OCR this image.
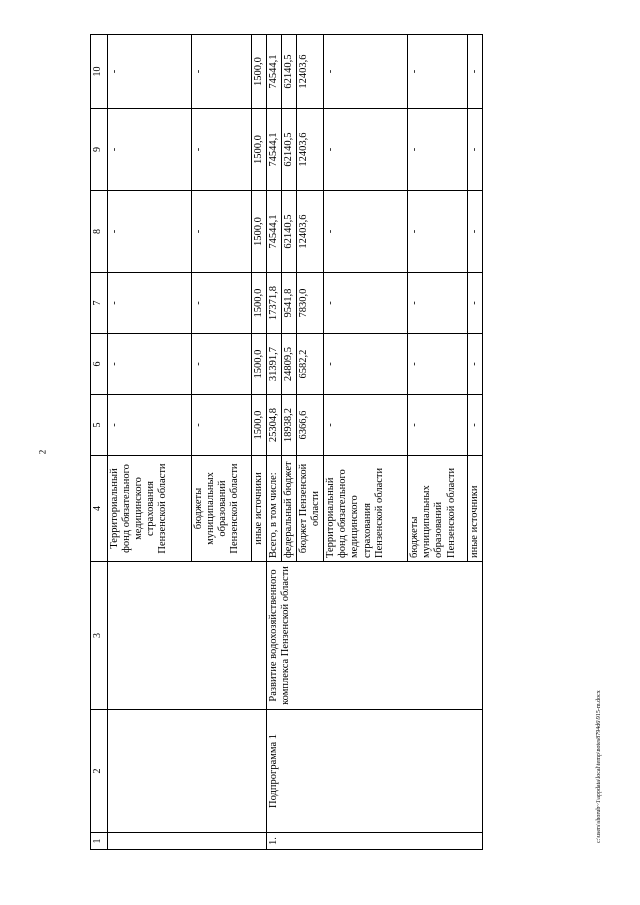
2
c:\users\shorub~1\appdata\local\temp\notes8794d6\915-m.docx
1	2	3	4	5	6	7	8	9	10
			Территориальный фонд обязательного медицинского страхования Пензенской области	-	-	-	-	-	-
			бюджеты муниципальных образований Пензенской области	-	-	-	-	-	-
			иные источники	1500,0	1500,0	1500,0	1500,0	1500,0	1500,0
1.	Подпрограмма 1	Развитие водохозяйственного комплекса Пензенской области	Всего, в том числе:	25304,8	31391,7	17371,8	74544,1	74544,1	74544,1
			федеральный бюджет	18938,2	24809,5	9541,8	62140,5	62140,5	62140,5
			бюджет Пензенской области	6366,6	6582,2	7830,0	12403,6	12403,6	12403,6
			Территориальный фонд обязательного медицинского страхования Пензенской области	-	-	-	-	-	-
			бюджеты муниципальных образований Пензенской области	-	-	-	-	-	-
			иные источники	-	-	-	-	-	-
